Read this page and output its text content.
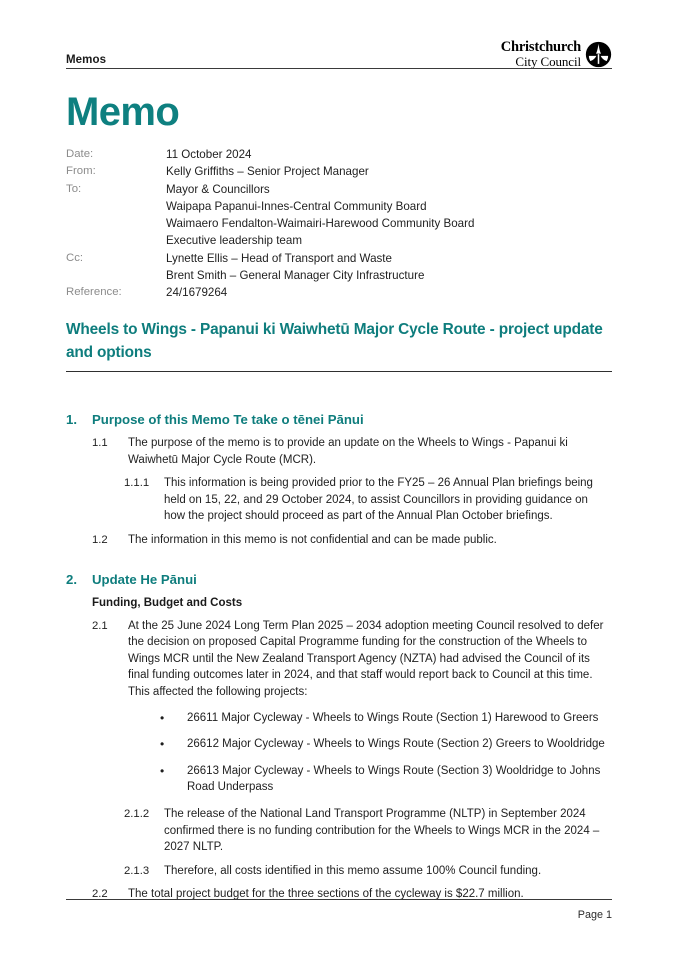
Memos
Christchurch
City Council
Memo
Date:	11 October 2024
From:	Kelly Griffiths – Senior Project Manager
To:	Mayor & Councillors
Waipapa Papanui-Innes-Central Community Board
Waimaero Fendalton-Waimairi-Harewood Community Board
Executive leadership team
Cc:	Lynette Ellis – Head of Transport and Waste
Brent Smith – General Manager City Infrastructure
Reference:	24/1679264
Wheels to Wings - Papanui ki Waiwhetū Major Cycle Route - project update and options
1.	Purpose of this Memo Te take o tēnei Pānui
1.1	The purpose of the memo is to provide an update on the Wheels to Wings - Papanui ki Waiwhetū Major Cycle Route (MCR).
1.1.1	This information is being provided prior to the FY25 – 26 Annual Plan briefings being held on 15, 22, and 29 October 2024, to assist Councillors in providing guidance on how the project should proceed as part of the Annual Plan October briefings.
1.2	The information in this memo is not confidential and can be made public.
2.	Update He Pānui
Funding, Budget and Costs
2.1	At the 25 June 2024 Long Term Plan 2025 – 2034 adoption meeting Council resolved to defer the decision on proposed Capital Programme funding for the construction of the Wheels to Wings MCR until the New Zealand Transport Agency (NZTA) had advised the Council of its final funding outcomes later in 2024, and that staff would report back to Council at this time. This affected the following projects:
•	26611 Major Cycleway - Wheels to Wings Route (Section 1) Harewood to Greers
•	26612 Major Cycleway - Wheels to Wings Route (Section 2) Greers to Wooldridge
•	26613 Major Cycleway - Wheels to Wings Route (Section 3) Wooldridge to Johns Road Underpass
2.1.2	The release of the National Land Transport Programme (NLTP) in September 2024 confirmed there is no funding contribution for the Wheels to Wings MCR in the 2024 – 2027 NLTP.
2.1.3	Therefore, all costs identified in this memo assume 100% Council funding.
2.2	The total project budget for the three sections of the cycleway is $22.7 million.
Page 1
